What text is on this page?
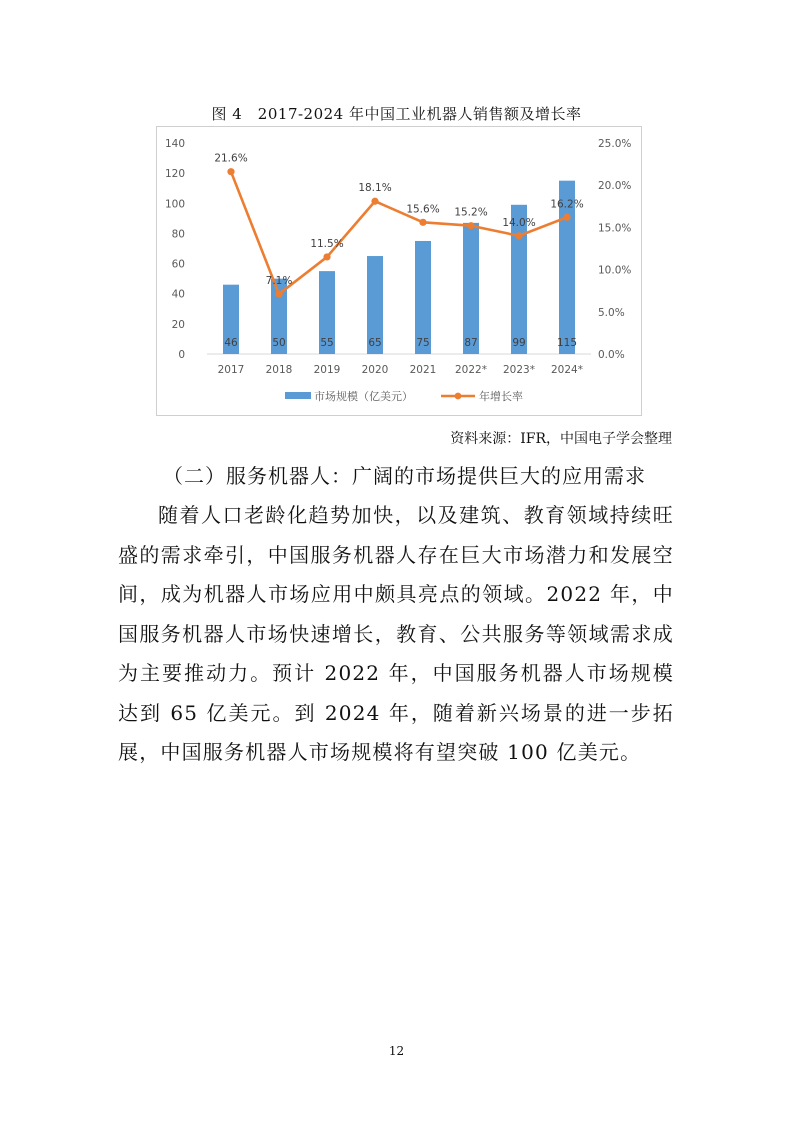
图 4　2017-2024 年中国工业机器人销售额及增长率
0
20
40
60
80
100
120
140
0.0%
5.0%
10.0%
15.0%
20.0%
25.0%
46	50	55	65	75	87	99	115
2017 2018 2019 2020 2021 2022* 2023* 2024*
21.6%
7.1%
11.5%
18.1%
15.6% 15.2%
14.0%
16.2%
市场规模（亿美元）	年增长率
资料来源：IFR，中国电子学会整理
（二）服务机器人：广阔的市场提供巨大的应用需求
随着人口老龄化趋势加快，以及建筑、教育领域持续旺盛的需求牵引，中国服务机器人存在巨大市场潜力和发展空间，成为机器人市场应用中颇具亮点的领域。2022 年，中国服务机器人市场快速增长，教育、公共服务等领域需求成为主要推动力。预计 2022 年，中国服务机器人市场规模达到 65 亿美元。到 2024 年，随着新兴场景的进一步拓展，中国服务机器人市场规模将有望突破 100 亿美元。
12
